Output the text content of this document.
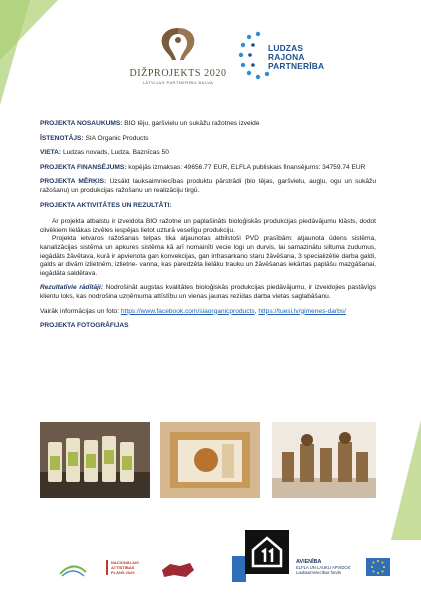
DIŽPROJEKTS 2020
LATVIJAS PARTNERĪBU BALVA
LUDZAS
RAJONA
PARTNERĪBA

PROJEKTA NOSAUKUMS: BIO tēju, garšvielu un sukāžu ražotnes izveide

ĪSTENOTĀJS: SIA Organic Products

VIETA: Ludzas novads, Ludza, Baznīcas 50

PROJEKTA FINANSĒJUMS: kopējās izmaksas: 49656.77 EUR, ELFLA publiskais finansējums: 34759.74 EUR

PROJEKTA MĒRĶIS: Uzsākt lauksaimniecības produktu pārstrādi (bio tējas, garšvielu, augļu, ogu un sukāžu ražošanu) un produkcijas ražošanu un realizāciju tirgū.

PROJEKTA AKTIVITĀTES UN REZULTĀTI:

Ar projekta atbalstu ir izveidota BIO ražotne un paplašināts bioloģiskās produkcijas piedāvājumu klāsts, dodot cilvēkiem lielākas izvēles iespējas lietot uzturā veselīgu produkciju.

Projekta ietvaros ražošanas telpas tika atjaunotas atbilstoši PVD prasībām: atjaunota ūdens sistēma, kanalizācijas sistēma un apkures sistēma kā arī nomainīti vecie logi un durvis, lai samazinātu siltuma zudumus, iegādāts žāvētava, kurā ir apvienota gan konvekcijas, gan infrasarkano staru žāvēšana, 3 specializētie darba galdi, galds ar divām izlietnēm, izlietne- vanna, kas paredzēta lielāku trauku un žāvēšanas iekārtas paplāšu mazgāšanai, iegādāta saldētava.

Rezultatīvie rādītāji: Nodrošināt augstas kvalitātes bioloģiskās produkcijas piedāvājumu, ir izveidojies pastāvīgs klientu loks, kas nodrošina uzņēmuma attīstību un vienas jaunas rezīdas darba vietas saglabāšanu.

Vairāk informācijas un foto: https://www.facebook.com/siaorganicproducts, https://tuesi.lv/gimenes-darbs/

PROJEKTA FOTOGRĀFIJAS
NACIONĀLAIS
ATTĪSTĪBAS
PLĀNS 2020
AVIENĪBA
ELFLA UN LAUKU APVIDOS
Lauksaimniecības fonds
